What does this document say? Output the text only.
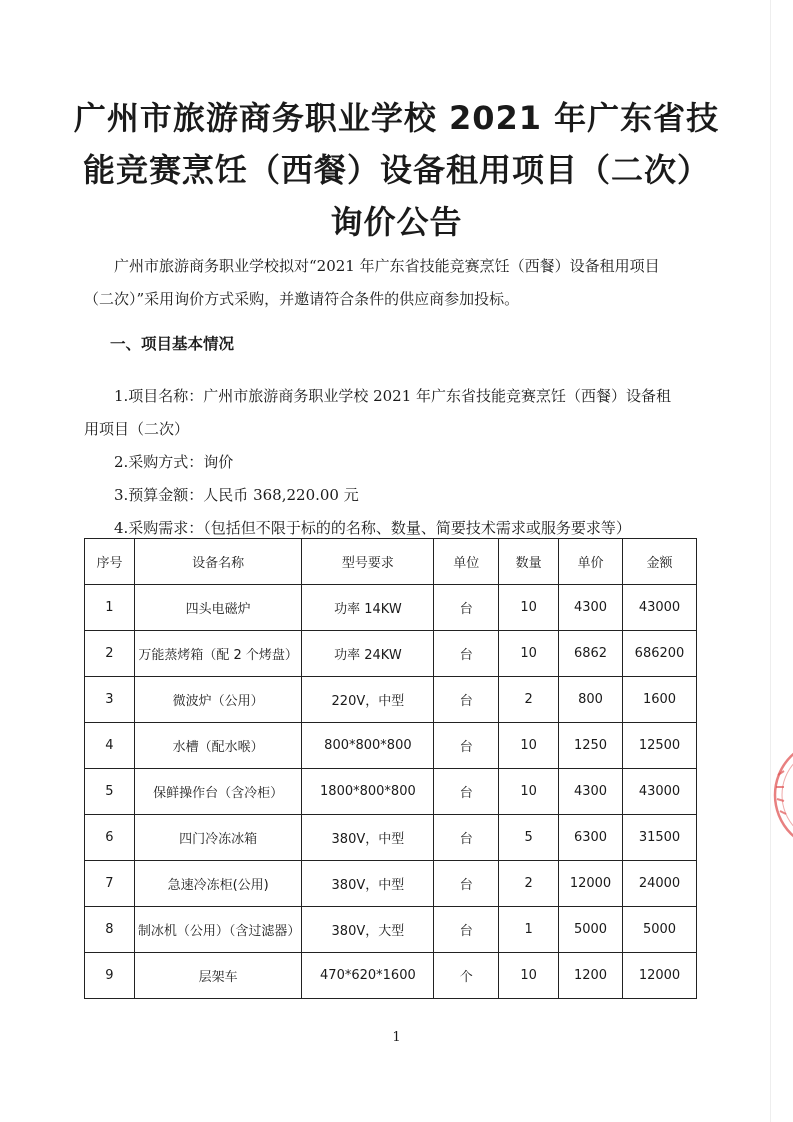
广州市旅游商务职业学校 2021 年广东省技
能竞赛烹饪（西餐）设备租用项目（二次）
询价公告
广州市旅游商务职业学校拟对“2021 年广东省技能竞赛烹饪（西餐）设备租用项目
（二次）”采用询价方式采购，并邀请符合条件的供应商参加投标。
一、项目基本情况
1.项目名称：广州市旅游商务职业学校 2021 年广东省技能竞赛烹饪（西餐）设备租
用项目（二次）
2.采购方式：询价
3.预算金额：人民币 368,220.00 元
4.采购需求：（包括但不限于标的的名称、数量、简要技术需求或服务要求等）
序号	设备名称	型号要求	单位	数量	单价	金额
1	四头电磁炉	功率 14KW	台	10	4300	43000
2	万能蒸烤箱（配 2 个烤盘）	功率 24KW	台	10	6862	686200
3	微波炉（公用）	220V，中型	台	2	800	1600
4	水槽（配水喉）	800*800*800	台	10	1250	12500
5	保鲜操作台（含冷柜）	1800*800*800	台	10	4300	43000
6	四门冷冻冰箱	380V，中型	台	5	6300	31500
7	急速冷冻柜(公用)	380V，中型	台	2	12000	24000
8	制冰机（公用）（含过滤器）	380V，大型	台	1	5000	5000
9	层架车	470*620*1600	个	10	1200	12000
1
